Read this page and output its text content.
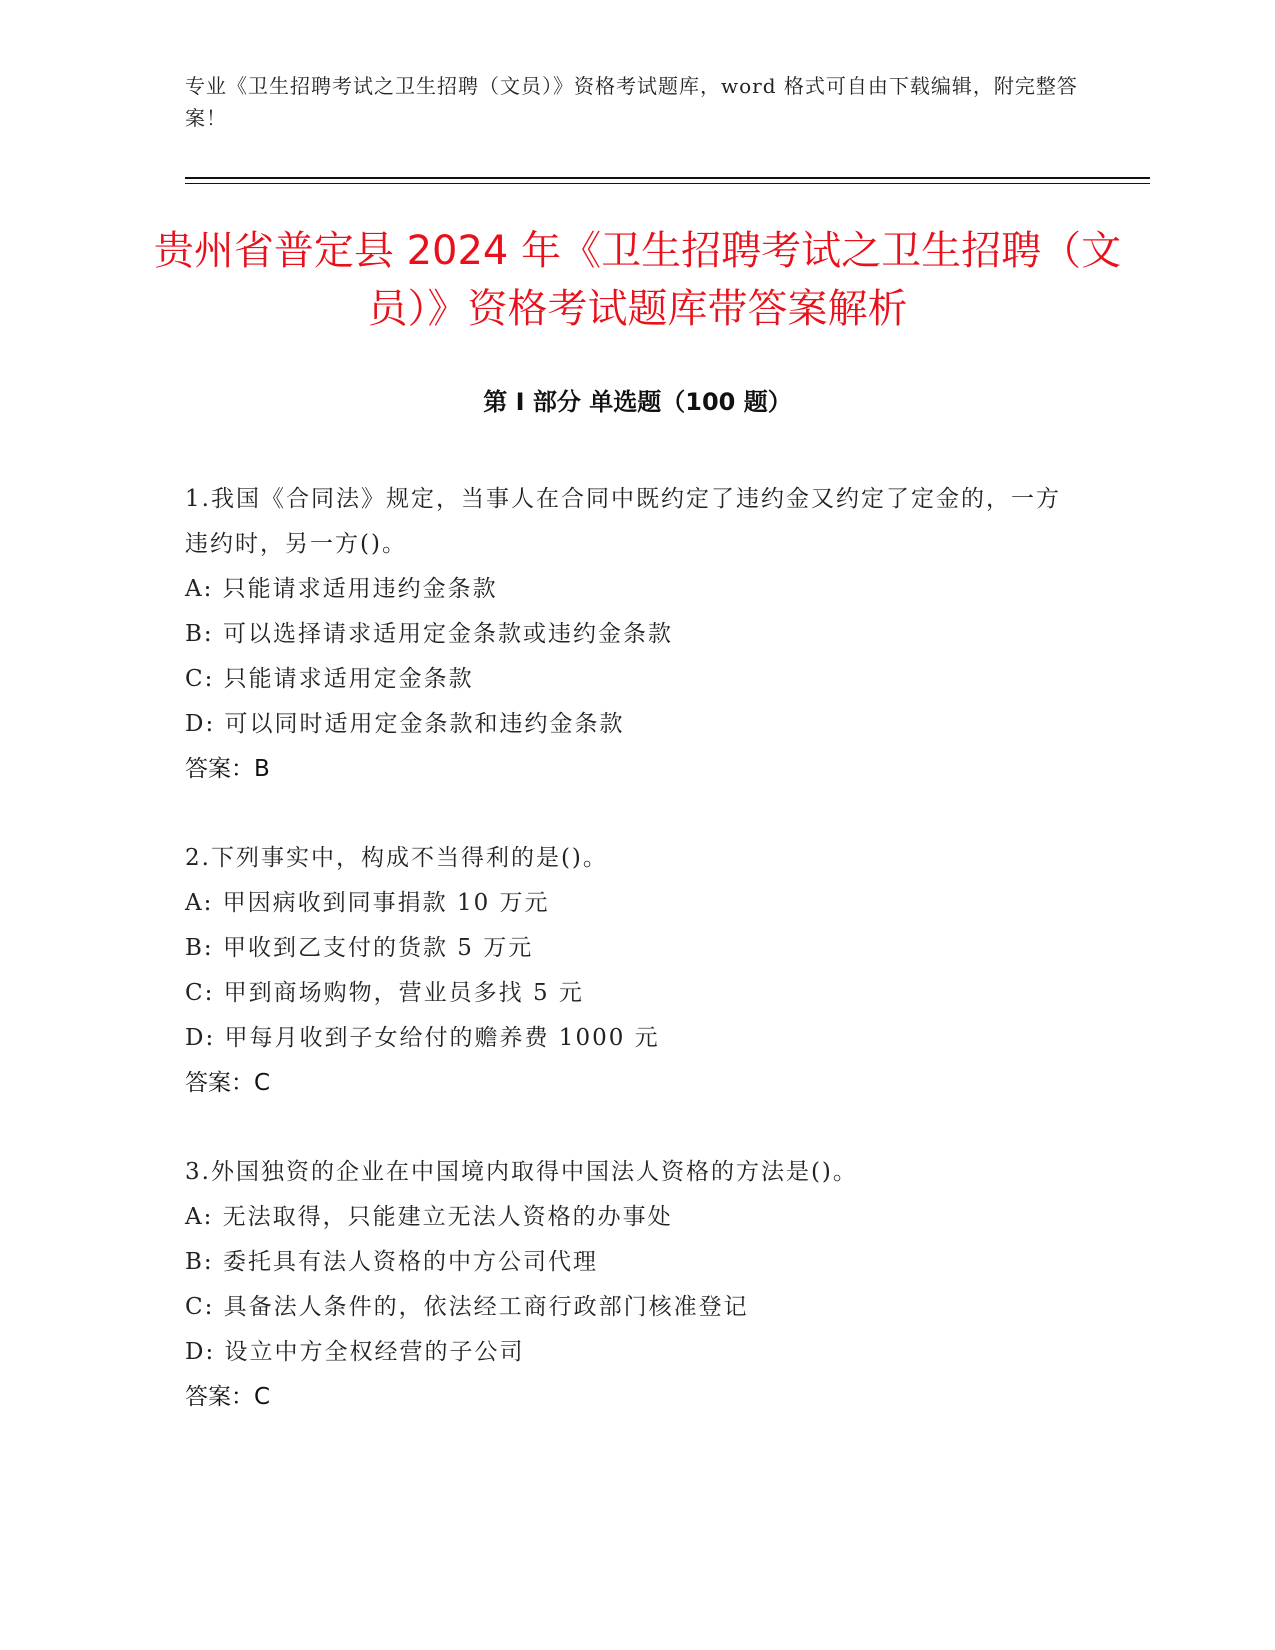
专业《卫生招聘考试之卫生招聘（文员）》资格考试题库，word 格式可自由下载编辑，附完整答案！
贵州省普定县 2024 年《卫生招聘考试之卫生招聘（文员）》资格考试题库带答案解析
第 I 部分 单选题（100 题）
1.我国《合同法》规定，当事人在合同中既约定了违约金又约定了定金的，一方违约时，另一方()。
A: 只能请求适用违约金条款
B: 可以选择请求适用定金条款或违约金条款
C: 只能请求适用定金条款
D: 可以同时适用定金条款和违约金条款
答案：B
2.下列事实中，构成不当得利的是()。
A: 甲因病收到同事捐款 10 万元
B: 甲收到乙支付的货款 5 万元
C: 甲到商场购物，营业员多找 5 元
D: 甲每月收到子女给付的赡养费 1000 元
答案：C
3.外国独资的企业在中国境内取得中国法人资格的方法是()。
A: 无法取得，只能建立无法人资格的办事处
B: 委托具有法人资格的中方公司代理
C: 具备法人条件的，依法经工商行政部门核准登记
D: 设立中方全权经营的子公司
答案：C
